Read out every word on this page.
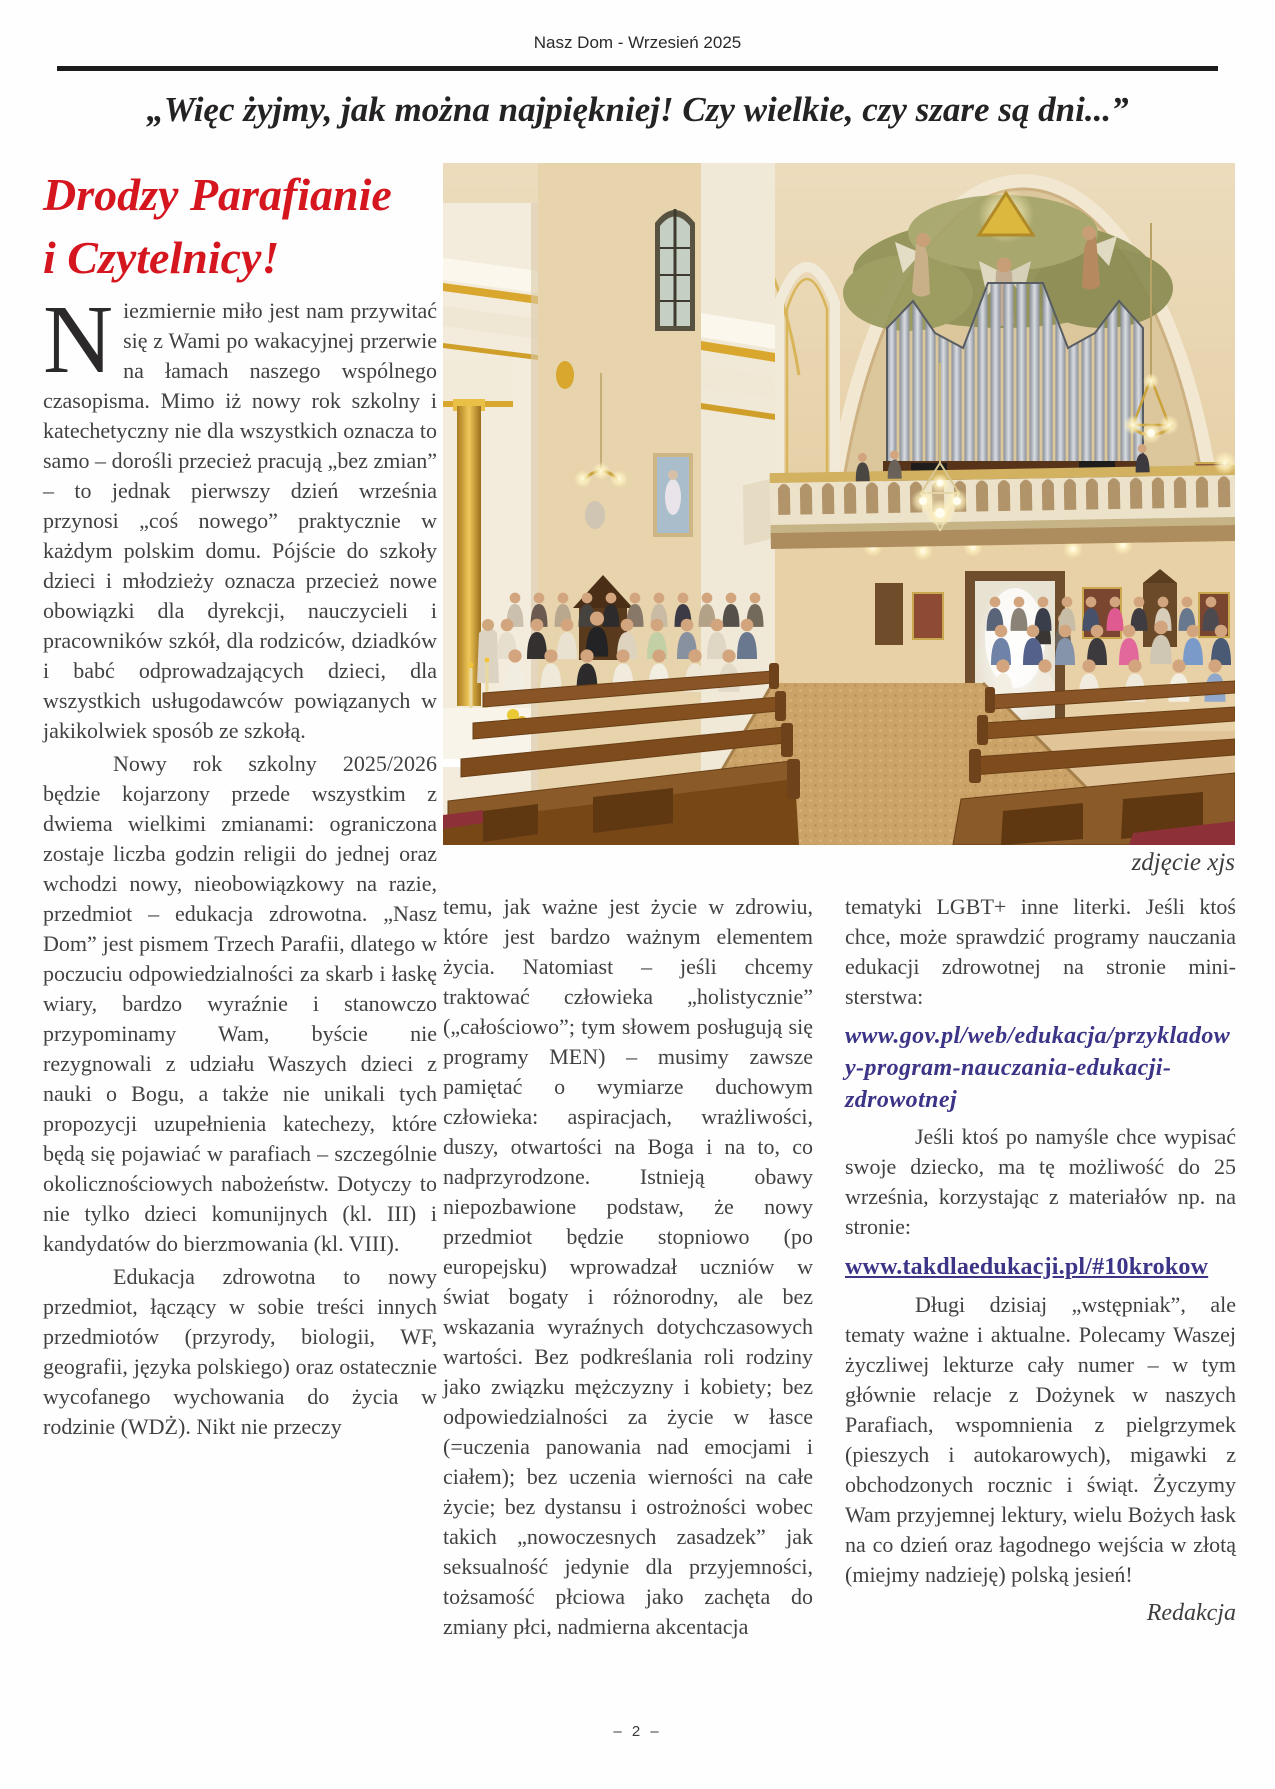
Nasz Dom - Wrzesień 2025
„Więc żyjmy, jak można najpiękniej! Czy wielkie, czy szare są dni...”
Drodzy Parafianie
i Czytelnicy!

Niezmiernie miło jest nam przywitać się z Wami po wakacyjnej przerwie na łamach naszego wspólnego czasopisma. Mimo iż nowy rok szkolny i katechetyczny nie dla wszystkich oznacza to samo – dorośli przecież pracują „bez zmian” – to jednak pierwszy dzień września przynosi „coś nowego” praktycznie w każdym polskim domu. Pójście do szkoły dzieci i młodzieży oznacza przecież nowe obowiązki dla dyrekcji, nauczycieli i pracowników szkół, dla rodziców, dziadków i babć odprowadzających dzieci, dla wszystkich usługodawców powiązanych w jakikolwiek sposób ze szkołą.

Nowy rok szkolny 2025/2026 będzie kojarzony przede wszystkim z dwiema wielkimi zmianami: ograniczona zostaje liczba godzin religii do jednej oraz wchodzi nowy, nieobowiązkowy na razie, przedmiot – edukacja zdrowotna. „Nasz Dom” jest pismem Trzech Parafii, dlatego w poczuciu odpowiedzialności za skarb i łaskę wiary, bardzo wyraźnie i stanowczo przypominamy Wam, byście nie rezygnowali z udziału Waszych dzieci z nauki o Bogu, a także nie unikali tych propozycji uzupełnienia katechezy, które będą się pojawiać w parafiach – szczególnie okolicznościowych nabożeństw. Dotyczy to nie tylko dzieci komunijnych (kl. III) i kandydatów do bierzmowania (kl. VIII).

Edukacja zdrowotna to nowy przedmiot, łączący w sobie treści innych przedmiotów (przyrody, biologii, WF, geografii, języka polskiego) oraz ostatecznie wycofanego wychowania do życia w rodzinie (WDŻ). Nikt nie przeczy

zdjęcie xjs

temu, jak ważne jest życie w zdrowiu, które jest bardzo ważnym elementem życia. Natomiast – jeśli chcemy traktować człowieka „holistycznie” („całościowo”; tym słowem posługują się programy MEN) – musimy zawsze pamiętać o wymiarze duchowym człowieka: aspiracjach, wrażliwości, duszy, otwartości na Boga i na to, co nadprzyrodzone. Istnieją obawy niepozbawione podstaw, że nowy przedmiot będzie stopniowo (po europejsku) wprowadzał uczniów w świat bogaty i różnorodny, ale bez wskazania wyraźnych dotychczasowych wartości. Bez podkreślania roli rodziny jako związku mężczyzny i kobiety; bez odpowiedzialności za życie w łasce (=uczenia panowania nad emocjami i ciałem); bez uczenia wierności na całe życie; bez dystansu i ostrożności wobec takich „nowoczesnych zasadzek” jak seksualność jedynie dla przyjemności, tożsamość płciowa jako zachęta do zmiany płci, nadmierna akcentacja

tematyki LGBT+ inne literki. Jeśli ktoś chce, może sprawdzić programy nauczania edukacji zdrowotnej na stronie mini-sterstwa:

www.gov.pl/web/edukacja/przykladowy-program-nauczania-edukacji-zdrowotnej

Jeśli ktoś po namyśle chce wypisać swoje dziecko, ma tę możliwość do 25 września, korzystając z materiałów np. na stronie:

www.takdlaedukacji.pl/#10krokow

Długi dzisiaj „wstępniak”, ale tematy ważne i aktualne. Polecamy Waszej życzliwej lekturze cały numer – w tym głównie relacje z Dożynek w naszych Parafiach, wspomnienia z pielgrzymek (pieszych i autokarowych), migawki z obchodzonych rocznic i świąt. Życzymy Wam przyjemnej lektury, wielu Bożych łask na co dzień oraz łagodnego wejścia w złotą (miejmy nadzieję) polską jesień!

Redakcja
– 2 –
